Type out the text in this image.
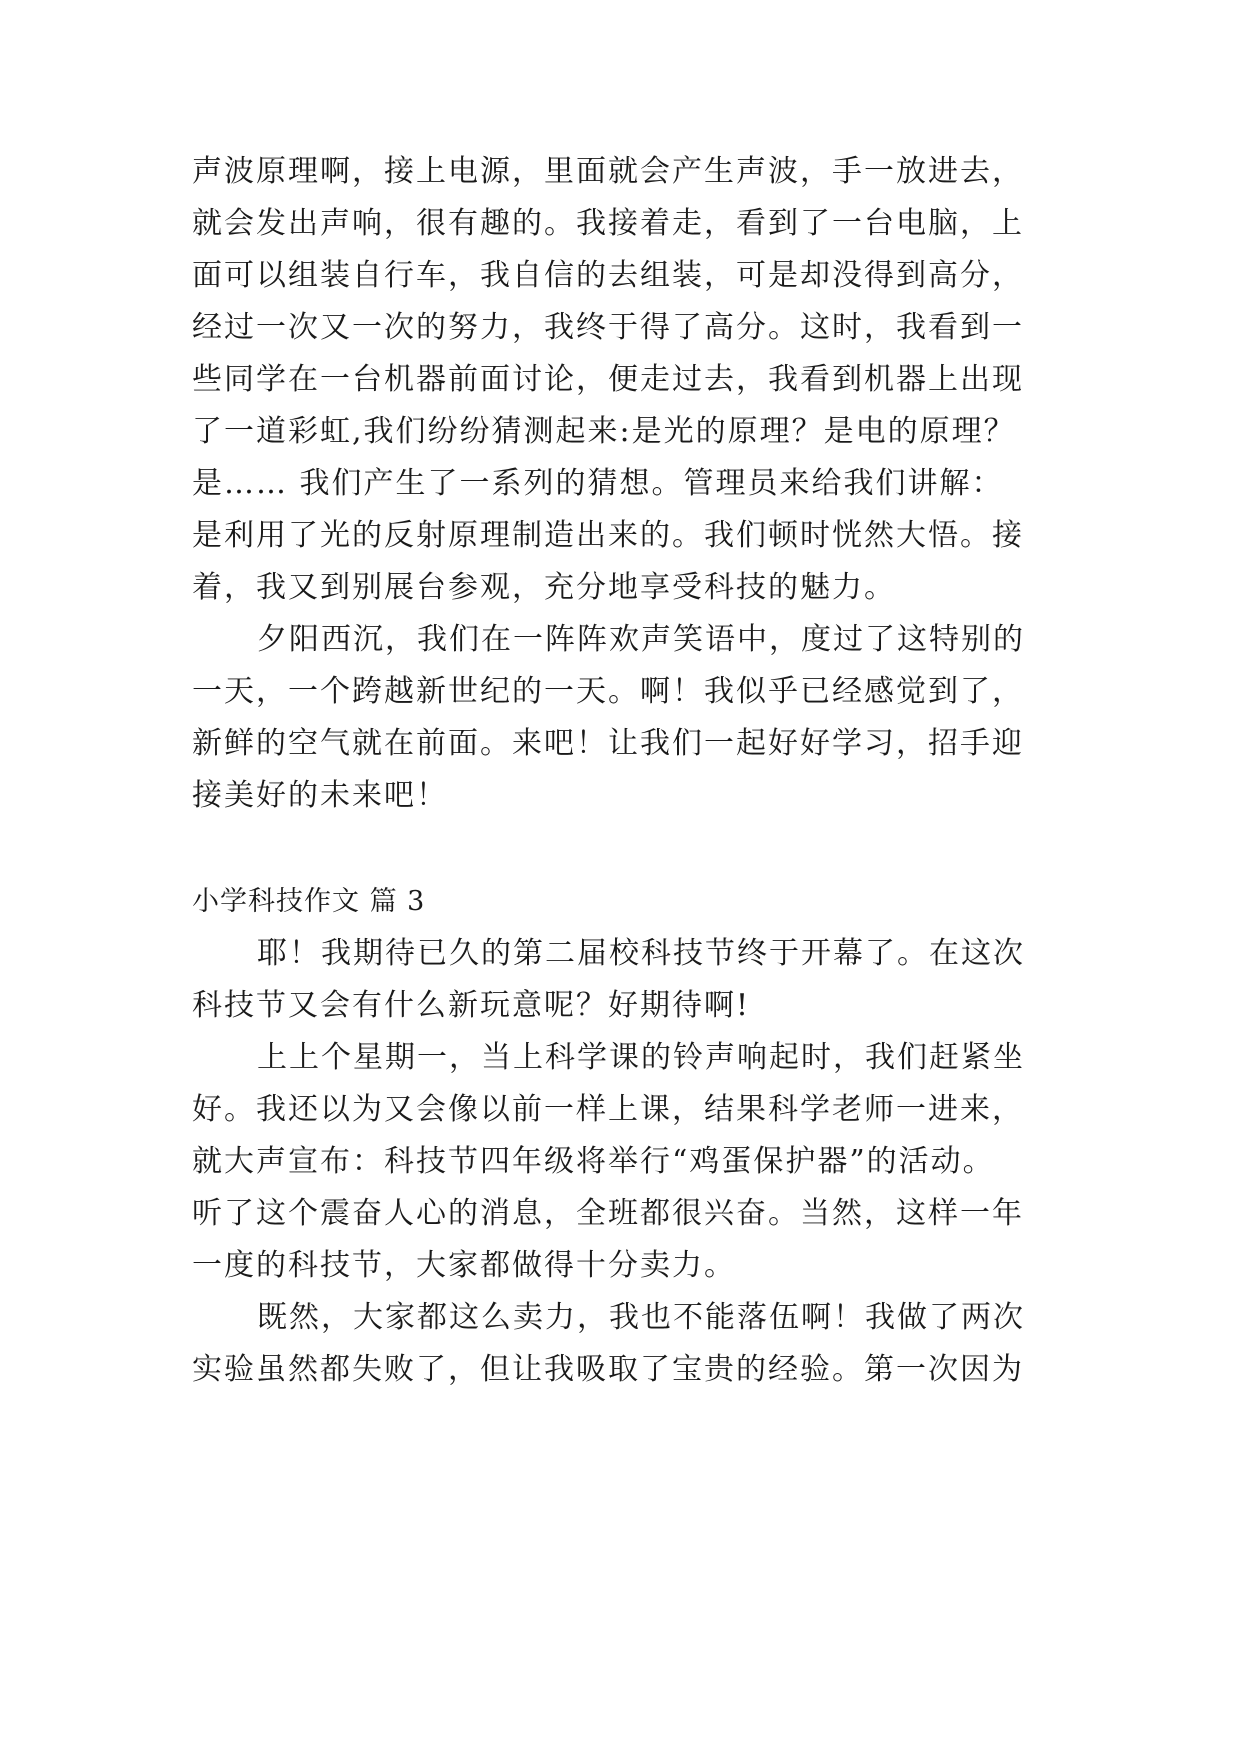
声波原理啊，接上电源，里面就会产生声波，手一放进去，
就会发出声响，很有趣的。我接着走，看到了一台电脑，上
面可以组装自行车，我自信的去组装，可是却没得到高分，
经过一次又一次的努力，我终于得了高分。这时，我看到一
些同学在一台机器前面讨论，便走过去，我看到机器上出现
了一道彩虹,我们纷纷猜测起来:是光的原理？是电的原理？
是…… 我们产生了一系列的猜想。管理员来给我们讲解：
是利用了光的反射原理制造出来的。我们顿时恍然大悟。接
着，我又到别展台参观，充分地享受科技的魅力。
夕阳西沉，我们在一阵阵欢声笑语中，度过了这特别的
一天，一个跨越新世纪的一天。啊！我似乎已经感觉到了，
新鲜的空气就在前面。来吧！让我们一起好好学习，招手迎
接美好的未来吧！
小学科技作文 篇 3
耶！我期待已久的第二届校科技节终于开幕了。在这次
科技节又会有什么新玩意呢？好期待啊!
上上个星期一，当上科学课的铃声响起时，我们赶紧坐
好。我还以为又会像以前一样上课，结果科学老师一进来，
就大声宣布：科技节四年级将举行“鸡蛋保护器”的活动。
听了这个震奋人心的消息，全班都很兴奋。当然，这样一年
一度的科技节，大家都做得十分卖力。
既然，大家都这么卖力，我也不能落伍啊！我做了两次
实验虽然都失败了，但让我吸取了宝贵的经验。第一次因为
